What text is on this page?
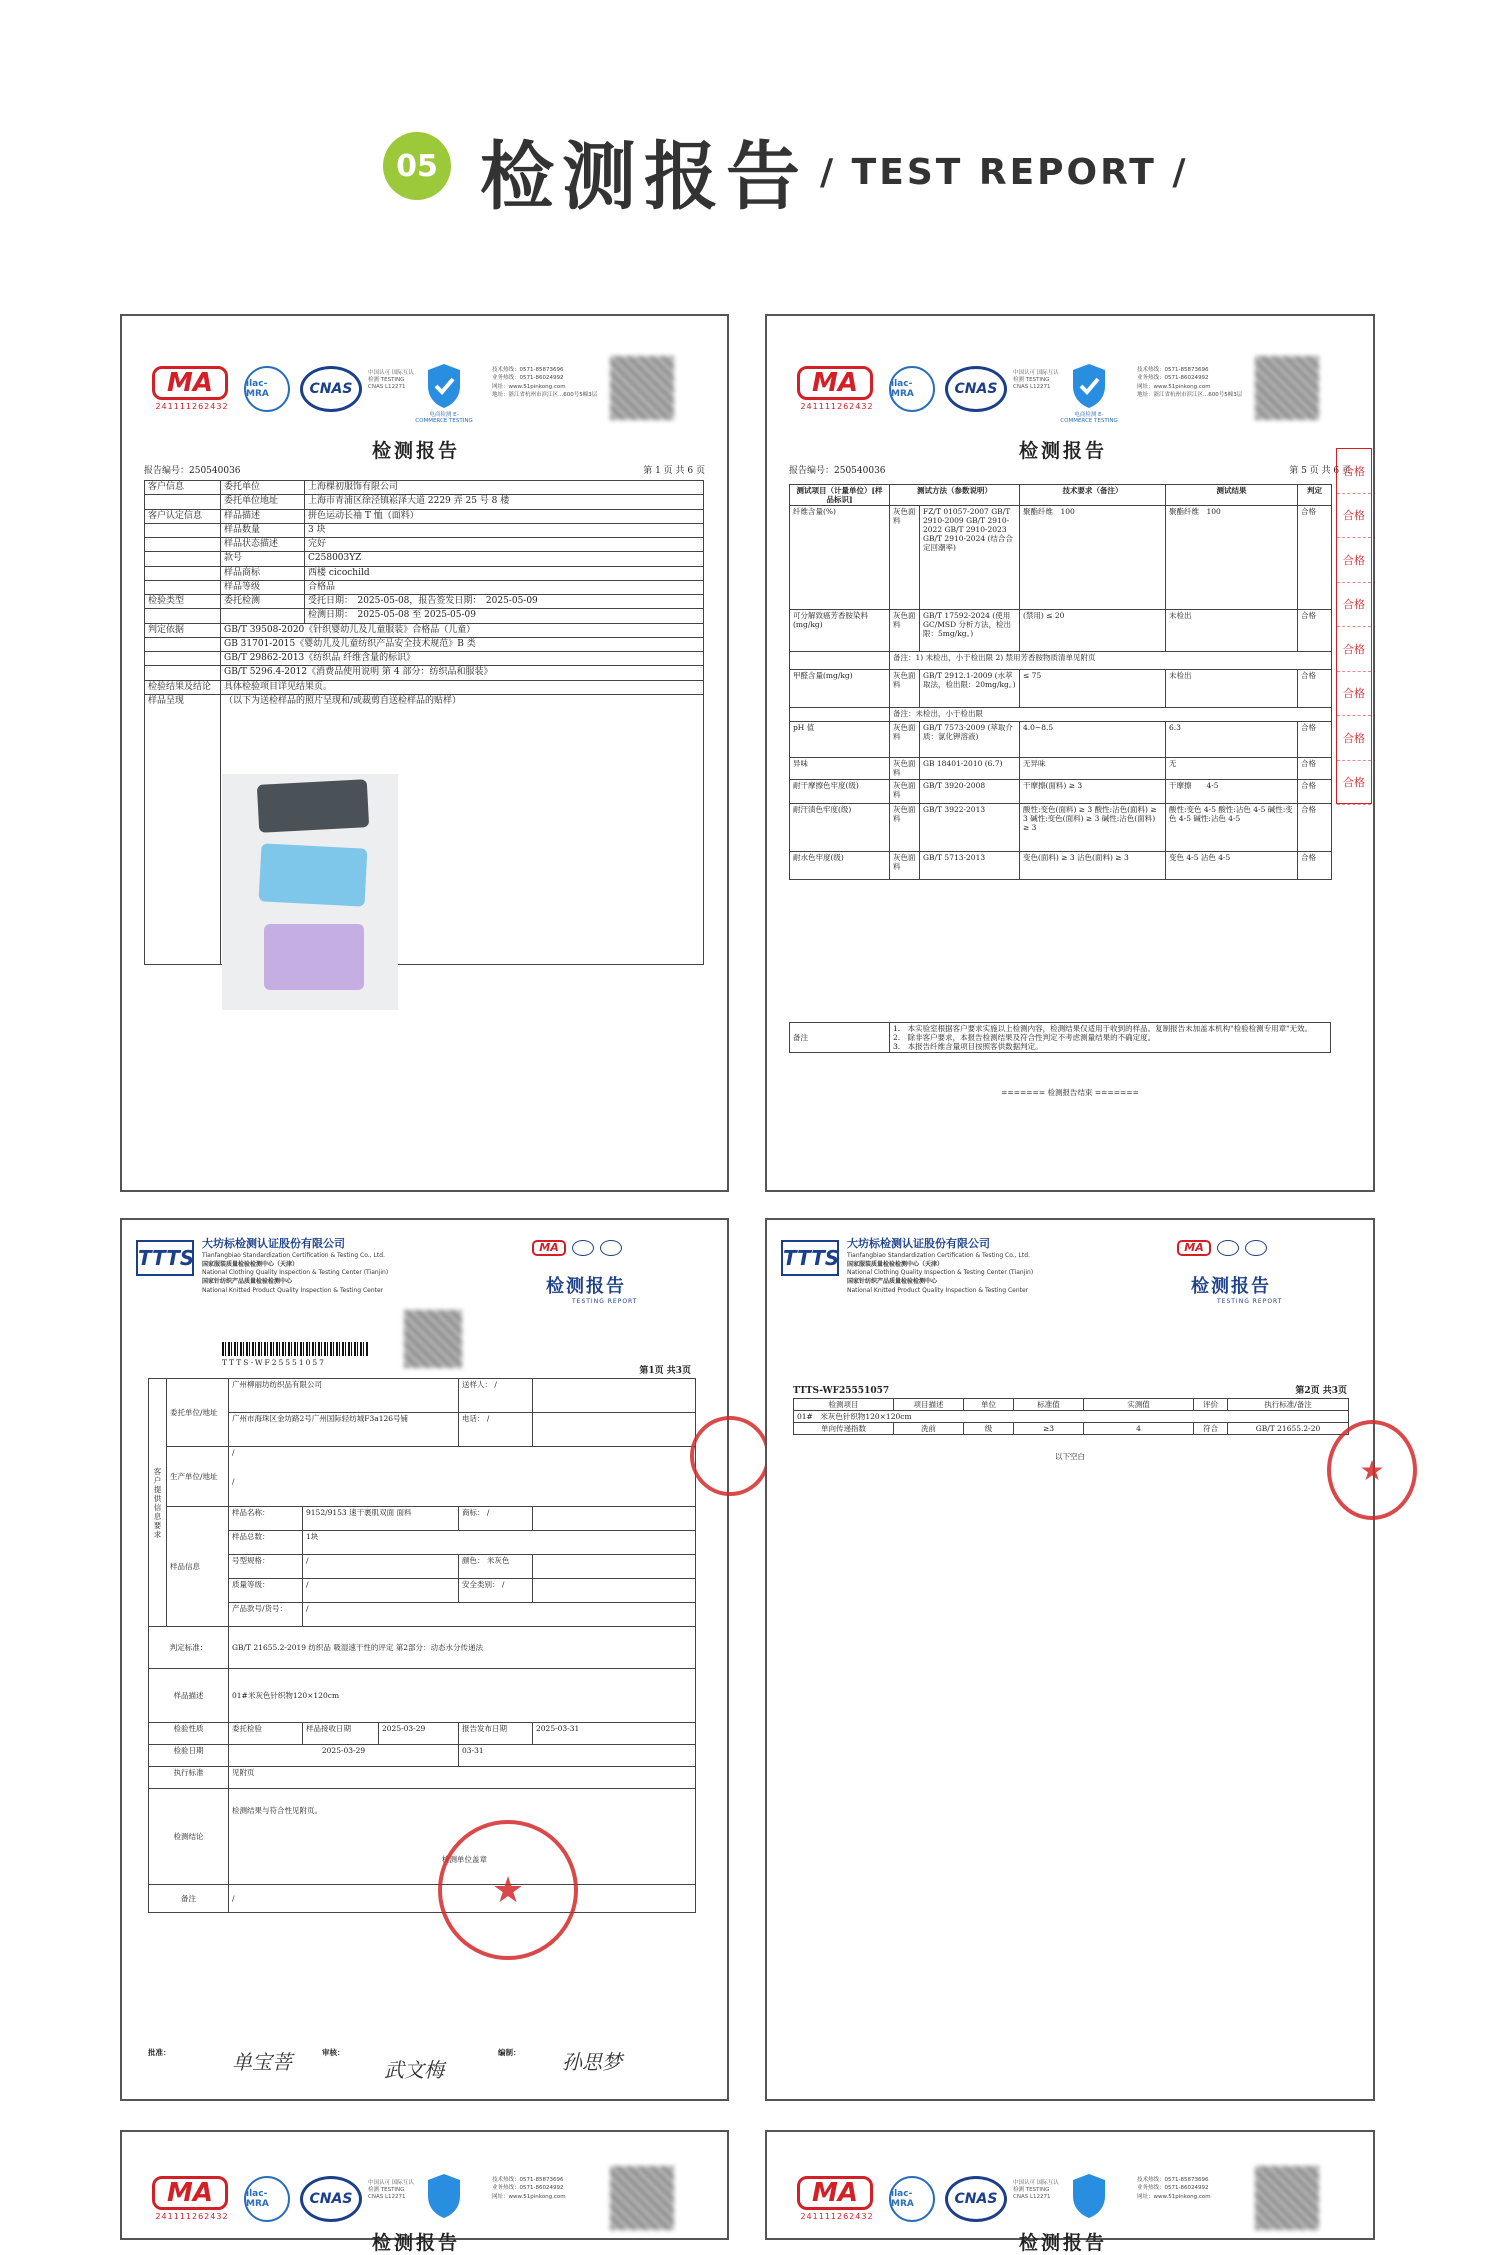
05 检测报告 / TEST REPORT /
MA
241111262432
ilac-MRA	CNAS
中国认可 国际互认 检测 TESTING CNAS L12271
电商检测 E-COMMERCE TESTING
技术热线：0571-85873696
业务热线：0571-86024992
网址：www.51pinkong.com
地址：浙江省杭州市滨江区...600号5幢3层
检测报告
报告编号：250540036	第 1 页 共 6 页
客户信息	委托单位	上海棵初服饰有限公司
	委托单位地址	上海市青浦区徐泾镇崧泽大道 2229 弄 25 号 8 楼
客户认定信息	样品描述	拼色运动长袖 T 恤（面料）
	样品数量	3 块
	样品状态描述	完好
	款号	C258003YZ
	样品商标	西楼 cicochild
	样品等级	合格品
检验类型	委托检测	受托日期：　2025-05-08，报告签发日期：　2025-05-09
		检测日期：　2025-05-08 至 2025-05-09
判定依据	GB/T 39508-2020《针织婴幼儿及儿童服装》合格品（儿童）	
	GB 31701-2015《婴幼儿及儿童纺织产品安全技术规范》B 类	
	GB/T 29862-2013《纺织品 纤维含量的标识》	
	GB/T 5296.4-2012《消费品使用说明 第 4 部分：纺织品和服装》	
检验结果及结论	具体检验项目详见结果页。	
样品呈现	（以下为送检样品的照片呈现和/或裁剪自送检样品的贴样）	
MA
241111262432
ilac-MRA	CNAS
中国认可 国际互认 检测 TESTING CNAS L12271
电商检测 E-COMMERCE TESTING
技术热线：0571-85873696
业务热线：0571-86024992
网址：www.51pinkong.com
地址：浙江省杭州市滨江区...600号5幢3层
检测报告
报告编号：250540036	第 5 页 共 6 页
测试项目（计量单位）[样品标识]	测试方法（参数说明）		技术要求（备注）	测试结果	判定
纤维含量(%)	灰色面料	FZ/T 01057-2007 GB/T 2910-2009 GB/T 2910-2022 GB/T 2910-2023 GB/T 2910-2024 (结合合定回潮率)	聚酯纤维　100	聚酯纤维　100	合格
可分解致癌芳香胺染料(mg/kg)	灰色面料	GB/T 17592-2024 (使用 GC/MSD 分析方法，检出限：5mg/kg。)	(禁用) ≤ 20	未检出	合格
	备注：1) 未检出，小于检出限 2) 禁用芳香胺物质清单见附页				
甲醛含量(mg/kg)	灰色面料	GB/T 2912.1-2009 (水萃取法，检出限：20mg/kg。)	≤ 75	未检出	合格
	备注：未检出，小于检出限				
pH 值	灰色面料	GB/T 7573-2009 (萃取介质：氯化钾溶液)	4.0~8.5	6.3	合格
异味	灰色面料	GB 18401-2010 (6.7)	无异味	无	合格
耐干摩擦色牢度(级)	灰色面料	GB/T 3920-2008	干摩擦(面料) ≥ 3	干摩擦　　4-5	合格
耐汗渍色牢度(级)	灰色面料	GB/T 3922-2013	酸性:变色(面料) ≥ 3 酸性:沾色(面料) ≥ 3 碱性:变色(面料) ≥ 3 碱性:沾色(面料) ≥ 3	酸性:变色 4-5 酸性:沾色 4-5 碱性:变色 4-5 碱性:沾色 4-5	合格
耐水色牢度(级)	灰色面料	GB/T 5713-2013	变色(面料) ≥ 3 沾色(面料) ≥ 3	变色 4-5 沾色 4-5	合格
备注	
1.　本实验室根据客户要求实施以上检测内容，检测结果仅适用于收到的样品。复制报告未加盖本机构"检验检测专用章"无效。
2.　除非客户要求，本报告检测结果及符合性判定不考虑测量结果的不确定度。
3.　本报告纤维含量项目按照客供数据判定。
======= 检测报告结束 =======
合格
合格
合格
合格
合格
合格
合格
合格
TTTS
大坊标检测认证股份有限公司
Tianfangbiao Standardization Certification & Testing Co., Ltd.
国家服装质量检验检测中心（天津）
National Clothing Quality Inspection & Testing Center (Tianjin)
国家针纺织产品质量检验检测中心
National Knitted Product Quality Inspection & Testing Center
MA
检测报告
TESTING REPORT
TTTS-WF25551057
第1页 共3页
客户提供信息要求	委托单位/地址	广州柳丽坊纺织品有限公司			送样人： /	
		广州市海珠区金坊路2号广州国际轻纺城F3a126号铺			电话： /	
	生产单位/地址	/
/				

	样品信息	样品名称：	9152/9153 速干裹肌双面 面料		商标： /	
		样品总数：	1块			
		号型规格：	/		颜色： 米灰色	
		质量等级：	/		安全类别： /	
		产品款号/货号：	/			
判定标准：		GB/T 21655.2-2019 纺织品 吸湿速干性的评定 第2部分：动态水分传递法				
样品描述		01#米灰色针织物120×120cm				
检验性质		委托检验	样品接收日期	2025-03-29	报告发布日期	2025-03-31
检验日期		2025-03-29			03-31	
执行标准		见附页				
检测结论		检测结果与符合性见附页。
检测单位盖章				

备注		/				
批准：	审核：	编制：
单宝菩	武文梅	孙思梦
★
TTTS
大坊标检测认证股份有限公司
Tianfangbiao Standardization Certification & Testing Co., Ltd.
国家服装质量检验检测中心（天津）
National Clothing Quality Inspection & Testing Center (Tianjin)
国家针纺织产品质量检验检测中心
National Knitted Product Quality Inspection & Testing Center
MA
检测报告
TESTING REPORT
TTTS-WF25551057	第2页 共3页
检测项目	项目描述	单位	标准值	实测值	评价	执行标准/备注
01#　米灰色针织物120×120cm						
单向传递指数	洗前	级	≥3	4	符合	GB/T 21655.2-20
以下空白	★
MA
241111262432
ilac-MRA	CNAS
中国认可 国际互认 检测 TESTING CNAS L12271
技术热线：0571-85873696
业务热线：0571-86024992
网址：www.51pinkong.com
检测报告
MA
241111262432
ilac-MRA	CNAS
中国认可 国际互认 检测 TESTING CNAS L12271
技术热线：0571-85873696
业务热线：0571-86024992
网址：www.51pinkong.com
检测报告
